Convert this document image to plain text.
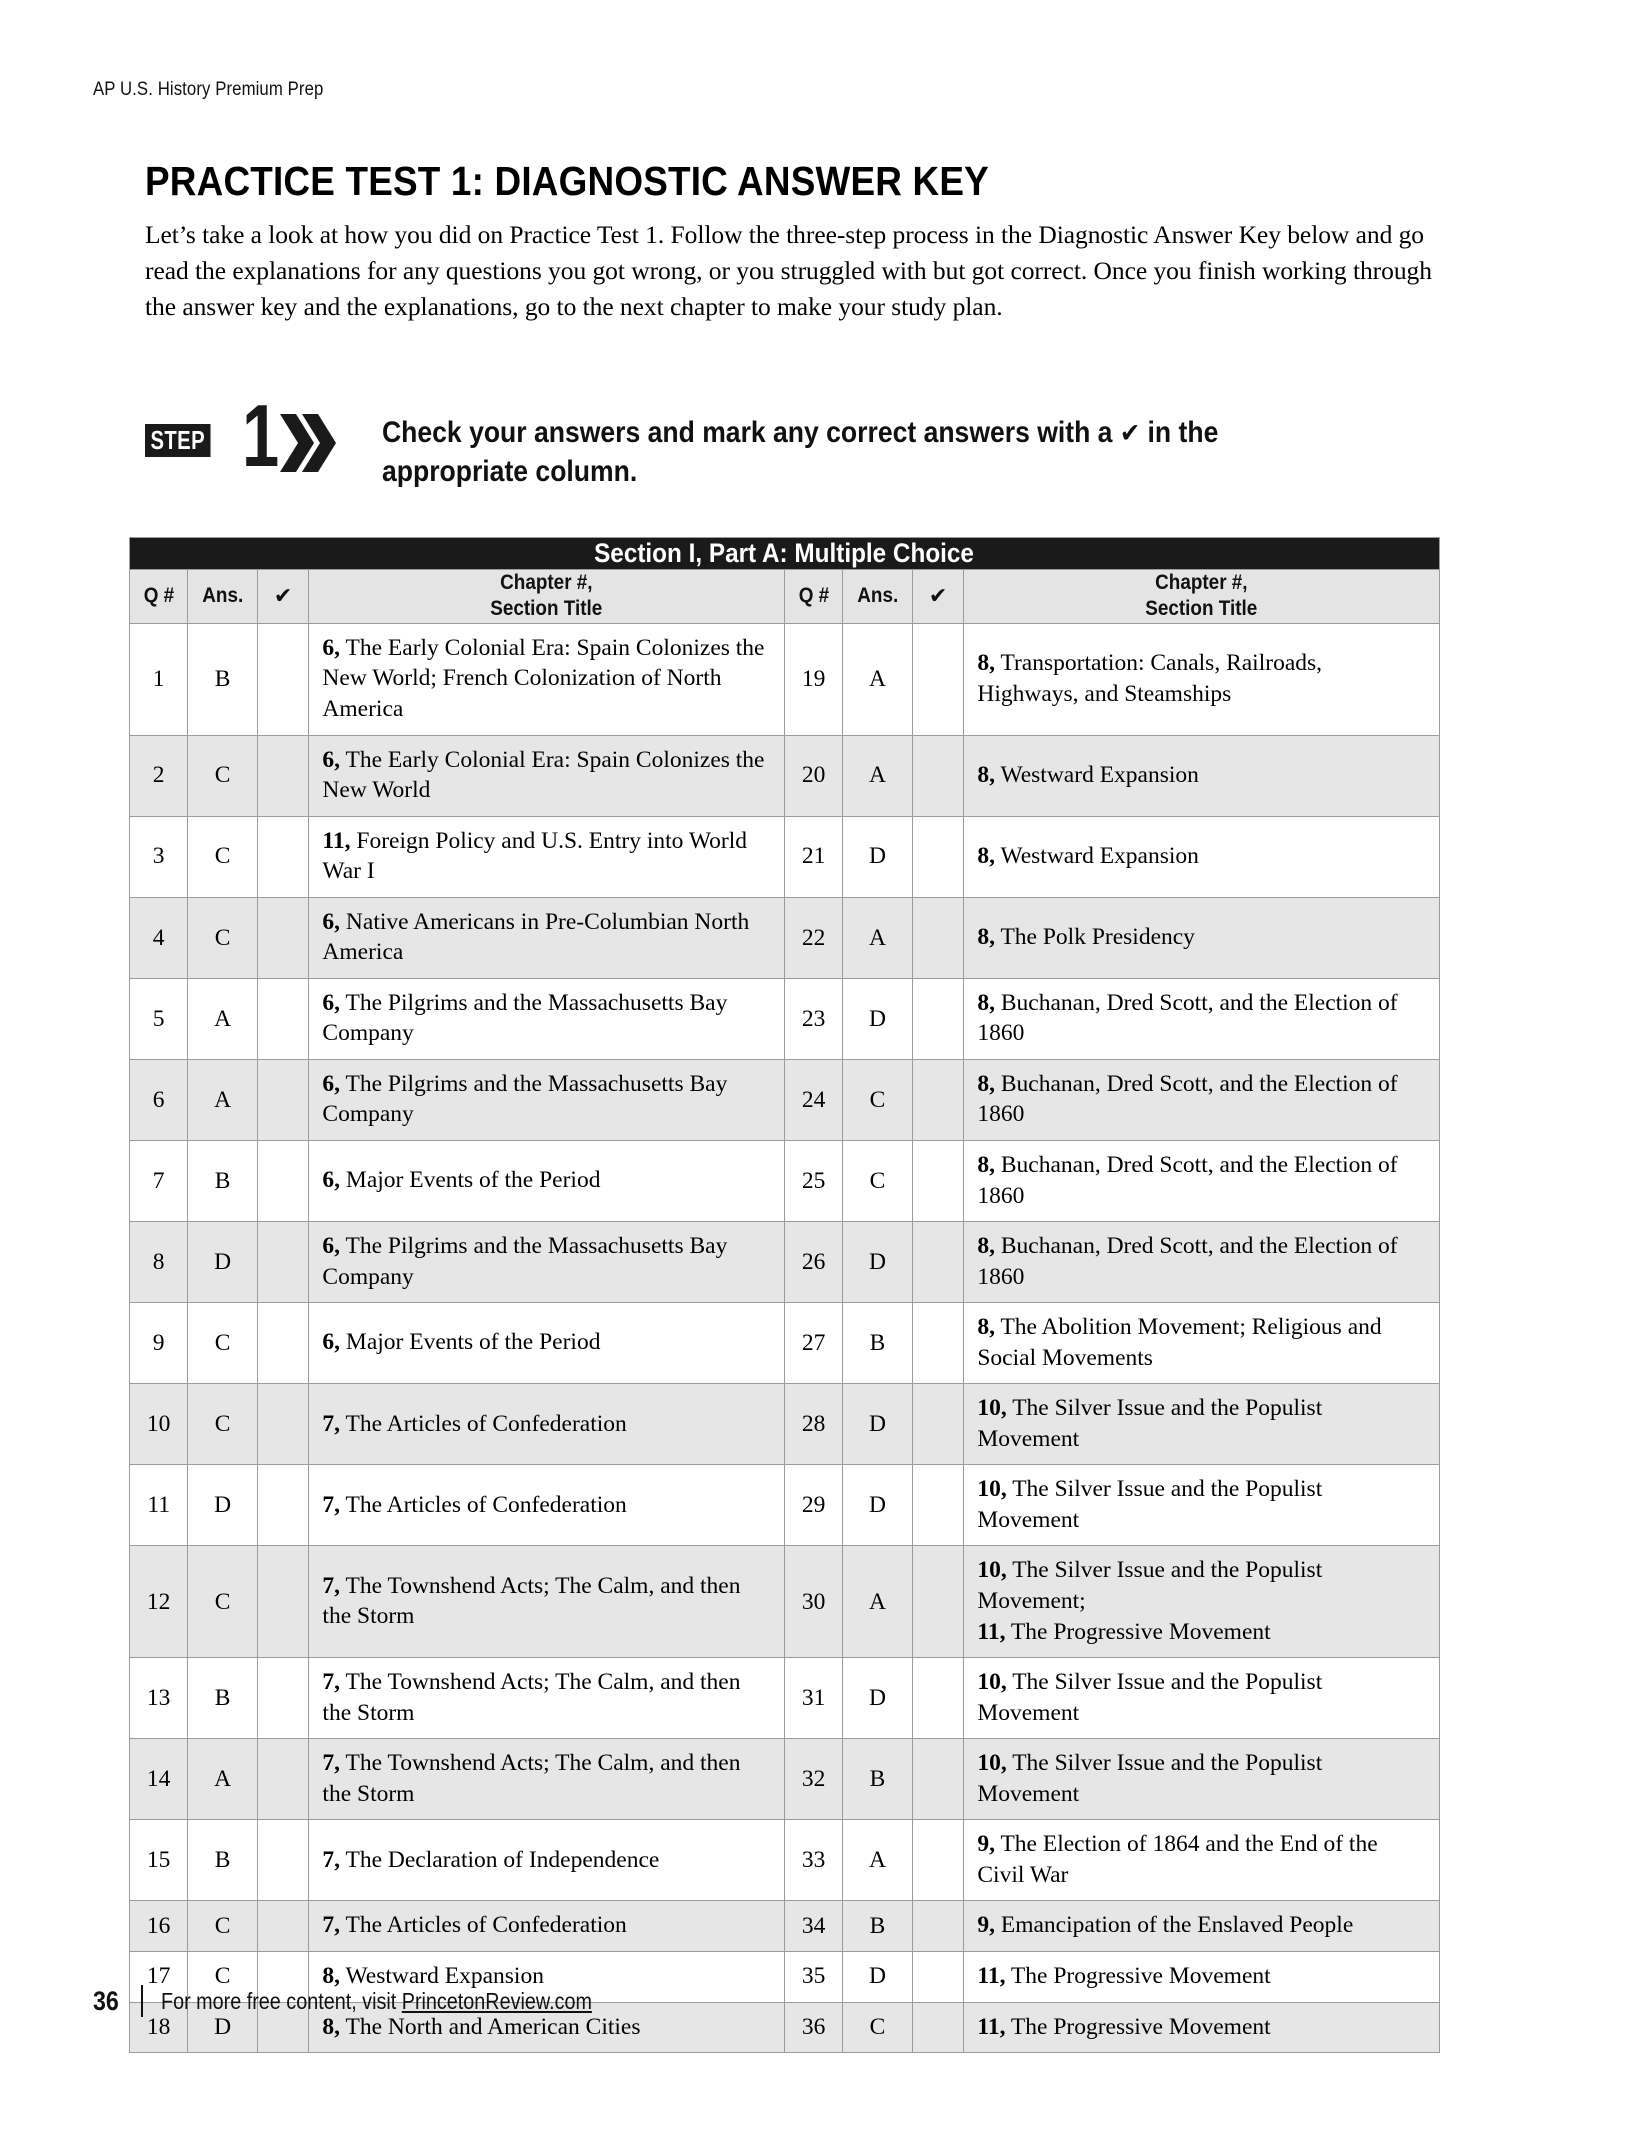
AP U.S. History Premium Prep
PRACTICE TEST 1: DIAGNOSTIC ANSWER KEY

Let’s take a look at how you did on Practice Test 1. Follow the three-step process in the Diagnostic Answer Key below and go read the explanations for any questions you got wrong, or you struggled with but got correct. Once you finish working through the answer key and the explanations, go to the next chapter to make your study plan.

STEP 1	Check your answers and mark any correct answers with a ✔ in the appropriate column.
Section I, Part A: Multiple Choice							
Q #	Ans.	✔	Chapter #,
Section Title	Q #	Ans.	✔	Chapter #,
Section Title
1	B		6, The Early Colonial Era: Spain Colonizes the New World; French Colonization of North America	19	A		8, Transportation: Canals, Railroads, Highways, and Steamships
2	C		6, The Early Colonial Era: Spain Colonizes the New World	20	A		8, Westward Expansion
3	C		11, Foreign Policy and U.S. Entry into World War I	21	D		8, Westward Expansion
4	C		6, Native Americans in Pre-Columbian North America	22	A		8, The Polk Presidency
5	A		6, The Pilgrims and the Massachusetts Bay Company	23	D		8, Buchanan, Dred Scott, and the Election of 1860
6	A		6, The Pilgrims and the Massachusetts Bay Company	24	C		8, Buchanan, Dred Scott, and the Election of 1860
7	B		6, Major Events of the Period	25	C		8, Buchanan, Dred Scott, and the Election of 1860
8	D		6, The Pilgrims and the Massachusetts Bay Company	26	D		8, Buchanan, Dred Scott, and the Election of 1860
9	C		6, Major Events of the Period	27	B		8, The Abolition Movement; Religious and Social Movements
10	C		7, The Articles of Confederation	28	D		10, The Silver Issue and the Populist Movement
11	D		7, The Articles of Confederation	29	D		10, The Silver Issue and the Populist Movement
12	C		7, The Townshend Acts; The Calm, and then the Storm	30	A		10, The Silver Issue and the Populist Movement;
11, The Progressive Movement
13	B		7, The Townshend Acts; The Calm, and then the Storm	31	D		10, The Silver Issue and the Populist Movement
14	A		7, The Townshend Acts; The Calm, and then the Storm	32	B		10, The Silver Issue and the Populist Movement
15	B		7, The Declaration of Independence	33	A		9, The Election of 1864 and the End of the Civil War
16	C		7, The Articles of Confederation	34	B		9, Emancipation of the Enslaved People
17	C		8, Westward Expansion	35	D		11, The Progressive Movement
18	D		8, The North and American Cities	36	C		11, The Progressive Movement
36 For more free content, visit PrincetonReview.com
